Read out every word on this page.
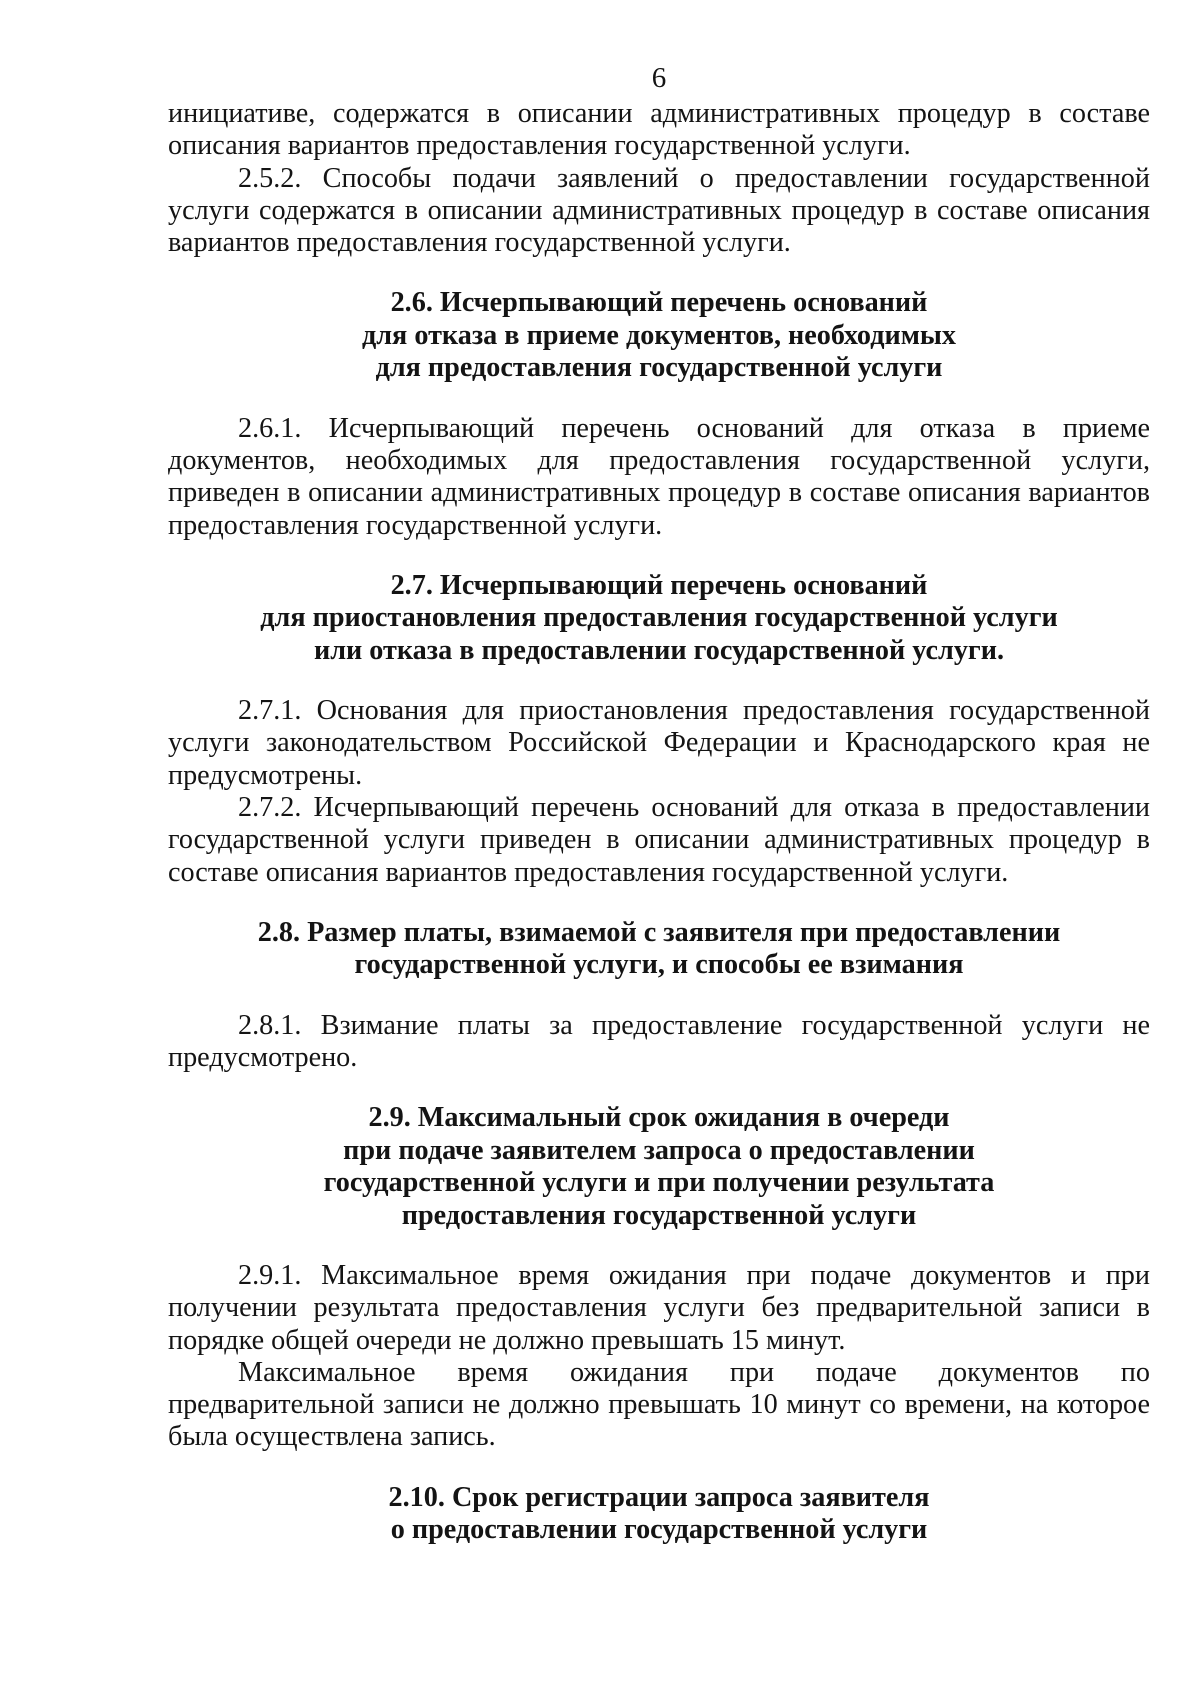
6

инициативе, содержатся в описании административных процедур в составе описания вариантов предоставления государственной услуги.

2.5.2. Способы подачи заявлений о предоставлении государственной услуги содержатся в описании административных процедур в составе описания вариантов предоставления государственной услуги.

2.6. Исчерпывающий перечень оснований
для отказа в приеме документов, необходимых
для предоставления государственной услуги

2.6.1. Исчерпывающий перечень оснований для отказа в приеме документов, необходимых для предоставления государственной услуги, приведен в описании административных процедур в составе описания вариантов предоставления государственной услуги.

2.7. Исчерпывающий перечень оснований
для приостановления предоставления государственной услуги
или отказа в предоставлении государственной услуги.

2.7.1. Основания для приостановления предоставления государственной услуги законодательством Российской Федерации и Краснодарского края не предусмотрены.

2.7.2. Исчерпывающий перечень оснований для отказа в предоставлении государственной услуги приведен в описании административных процедур в составе описания вариантов предоставления государственной услуги.

2.8. Размер платы, взимаемой с заявителя при предоставлении
государственной услуги, и способы ее взимания

2.8.1. Взимание платы за предоставление государственной услуги не предусмотрено.

2.9. Максимальный срок ожидания в очереди
при подаче заявителем запроса о предоставлении
государственной услуги и при получении результата
предоставления государственной услуги

2.9.1. Максимальное время ожидания при подаче документов и при получении результата предоставления услуги без предварительной записи в порядке общей очереди не должно превышать 15 минут.

Максимальное время ожидания при подаче документов по предварительной записи не должно превышать 10 минут со времени, на которое была осуществлена запись.

2.10. Срок регистрации запроса заявителя
о предоставлении государственной услуги
